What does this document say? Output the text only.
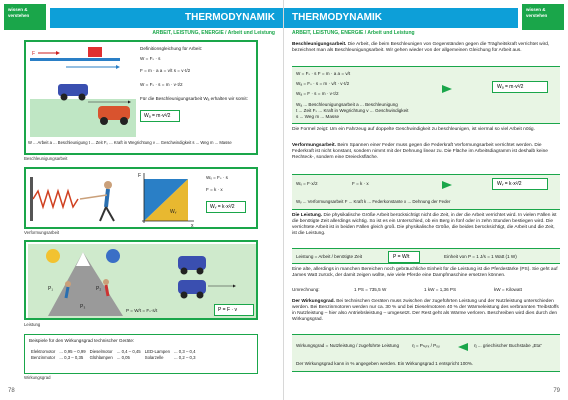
wissen & verstehen	THERMODYNAMIK
ARBEIT, LEISTUNG, ENERGIE / Arbeit und Leistung
F
Definitionsgleichung für Arbeit:
W = Fₛ · s
F = m · a a = v/t s = v·t/2
W = Fₛ · s = m · v·t/2
Für die Beschleunigungsarbeit Wₐ erhalten wir somit:
Wₐ = m·v²/2
W ... Arbeit a ... Beschleunigung t ... Zeit Fₛ ... Kraft in Wegrichtung v ... Geschwindigkeit s ... Weg m ... Masse
Beschleunigungsarbeit
F
x
Wᵥ
Wᵥ = Fₛ · s
F = k · x
Wᵥ = k·x²/2
Verformungsarbeit
P₁	P₂
P₃
P = W/t = Fₛ·s/t	P = F · v
Leistung
Beispiele für den Wirkungsgrad technischer Geräte:
Elektromotor	... 0,95 – 0,99	Dieselmotor	... 0,4 – 0,45	LED-Lampen	... 0,3 – 0,4
Benzinmotor	... 0,3 – 0,35	Glühlampen	... 0,05	Solarzelle	... 0,2 – 0,3
Wirkungsgrad
78
THERMODYNAMIK
wissen & verstehen
ARBEIT, LEISTUNG, ENERGIE / Arbeit und Leistung
Beschleunigungsarbeit. Die Arbeit, die beim Beschleunigen von Gegenständen gegen die Trägheitskraft verrichtet wird, bezeichnet man als Beschleunigungsarbeit. Wir gehen wieder von der allgemeinen Gleichung für Arbeit aus.
W = Fₛ · s F = m · a a = v/t
Wₐ = Fₛ · s = m · v/t · v·t/2
Wₐ = F · s = m · v·t/2
Wₐ = m·v²/2
Wₐ ... Beschleunigungsarbeit a ... Beschleunigung
t ... Zeit Fₛ ... Kraft in Wegrichtung v ... Geschwindigkeit
s ... Weg m ... Masse
Die Formel zeigt: Um ein Fahrzeug auf doppelte Geschwindigkeit zu beschleunigen, ist viermal so viel Arbeit nötig.
Verformungsarbeit. Beim Spannen einer Feder muss gegen die Federkraft Verformungsarbeit verrichtet werden. Die Federkraft ist nicht konstant, sondern nimmt mit der Dehnung linear zu. Die Fläche im Arbeitsdiagramm ist deshalb keine Rechteck-, sondern eine Dreiecksfläche.
Wᵥ = F·x/2	F = k · x	Wᵥ = k·x²/2
Wᵥ ... Verformungsarbeit F ... Kraft k ... Federkonstante x ... Dehnung der Feder
Die Leistung. Die physikalische Größe Arbeit berücksichtigt nicht die Zeit, in der die Arbeit verrichtet wird. In vielen Fällen ist die benötigte Zeit allerdings wichtig. So ist es ein Unterschied, ob ein Berg in fünf oder in zehn Stunden bestiegen wird. Die verrichtete Arbeit ist in beiden Fällen gleich groß. Die physikalische Größe, die beides berücksichtigt, die Arbeit und die Zeit, ist die Leistung.
Leistung = Arbeit / benötigte Zeit	P = W/t	Einheit von P = 1 J/s = 1 Watt (1 W)
Eine alte, allerdings in manchen Bereichen noch gebräuchliche Einheit für die Leistung ist die Pferdestärke (PS). Sie geht auf James Watt zurück, der damit zeigen wollte, wie viele Pferde eine Dampfmaschine ersetzen können.
Umrechnung:	1 PS = 735,5 W	1 kW = 1,36 PS	kW = Kilowatt
Der Wirkungsgrad. Bei technischen Geräten muss zwischen der zugeführten Leistung und der Nutzleistung unterschieden werden. Bei Benzinmotoren werden nur ca. 30 % und bei Dieselmotoren 40 % der Wärmeleistung des verbrannten Treibstoffs in Nutzleistung – hier also Antriebsleistung – umgesetzt. Der Rest geht als Wärme verloren. Beschreiben wird dies durch den Wirkungsgrad.
Wirkungsgrad = Nutzleistung / zugeführte Leistung	η = Pₙᵤₜₓ / Pₓᵤ	η ... griechischer Buchstabe „Eta“
Der Wirkungsgrad kann in % angegeben werden. Ein Wirkungsgrad 1 entspricht 100%.
79
